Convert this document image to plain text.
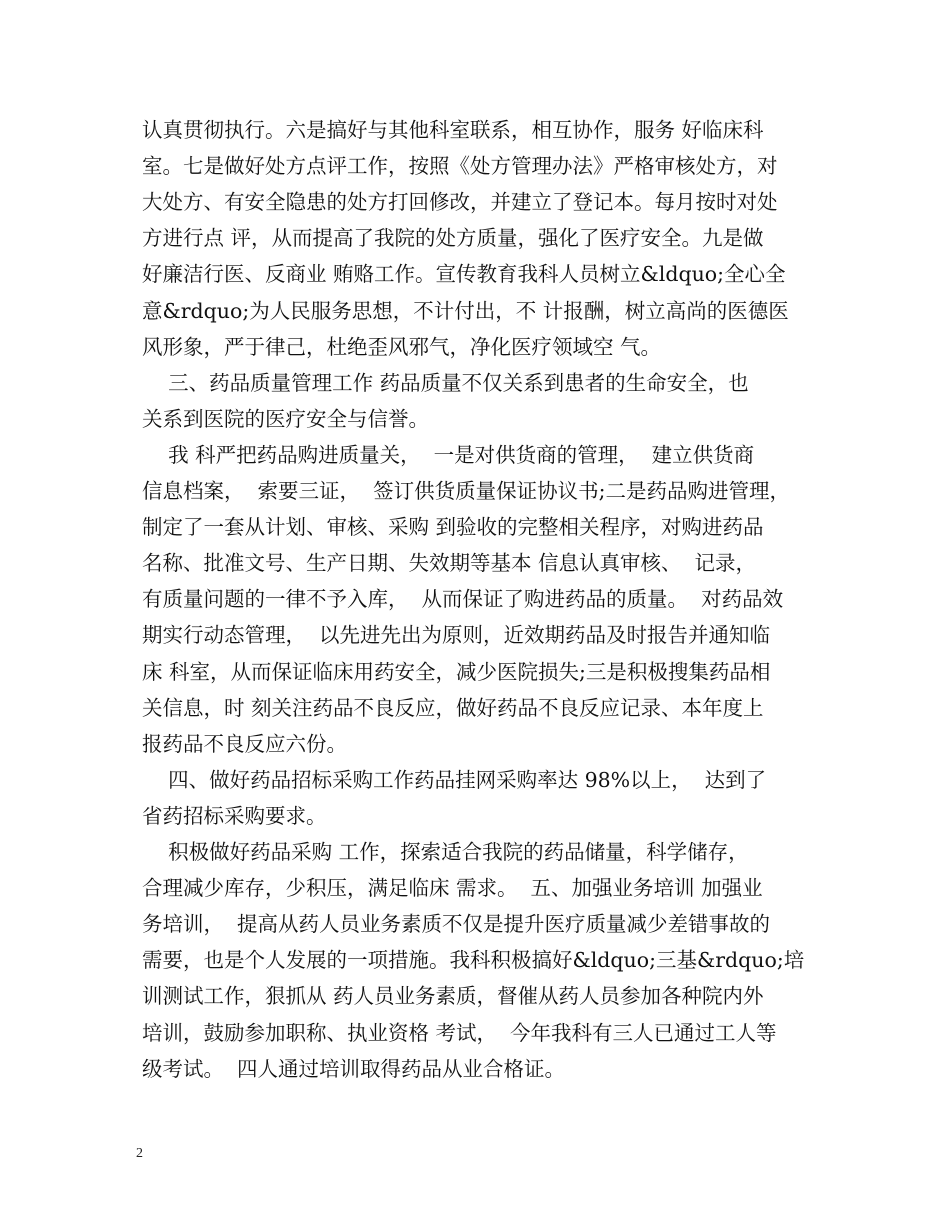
认真贯彻执行。六是搞好与其他科室联系，相互协作，服务 好临床科
室。七是做好处方点评工作，按照《处方管理办法》严格审核处方，对
大处方、有安全隐患的处方打回修改，并建立了登记本。每月按时对处
方进行点 评，从而提高了我院的处方质量，强化了医疗安全。九是做
好廉洁行医、反商业 贿赂工作。宣传教育我科人员树立&ldquo;全心全
意&rdquo;为人民服务思想，不计付出，不 计报酬，树立高尚的医德医
风形象，严于律己，杜绝歪风邪气，净化医疗领域空 气。
三、药品质量管理工作 药品质量不仅关系到患者的生命安全，也
关系到医院的医疗安全与信誉。
我 科严把药品购进质量关，  一是对供货商的管理，  建立供货商
信息档案，  索要三证，  签订供货质量保证协议书;二是药品购进管理，
制定了一套从计划、审核、采购 到验收的完整相关程序，对购进药品
名称、批准文号、生产日期、失效期等基本 信息认真审核、  记录，
有质量问题的一律不予入库，  从而保证了购进药品的质量。  对药品效
期实行动态管理，  以先进先出为原则，近效期药品及时报告并通知临
床 科室，从而保证临床用药安全，减少医院损失;三是积极搜集药品相
关信息，时 刻关注药品不良反应，做好药品不良反应记录、本年度上
报药品不良反应六份。
四、做好药品招标采购工作药品挂网采购率达 98%以上，  达到了
省药招标采购要求。
积极做好药品采购 工作，探索适合我院的药品储量，科学储存，
合理减少库存，少积压，满足临床 需求。  五、加强业务培训 加强业
务培训，  提高从药人员业务素质不仅是提升医疗质量减少差错事故的
需要，也是个人发展的一项措施。我科积极搞好&ldquo;三基&rdquo;培
训测试工作，狠抓从 药人员业务素质，督催从药人员参加各种院内外
培训，鼓励参加职称、执业资格 考试，  今年我科有三人已通过工人等
级考试。  四人通过培训取得药品从业合格证。
2
